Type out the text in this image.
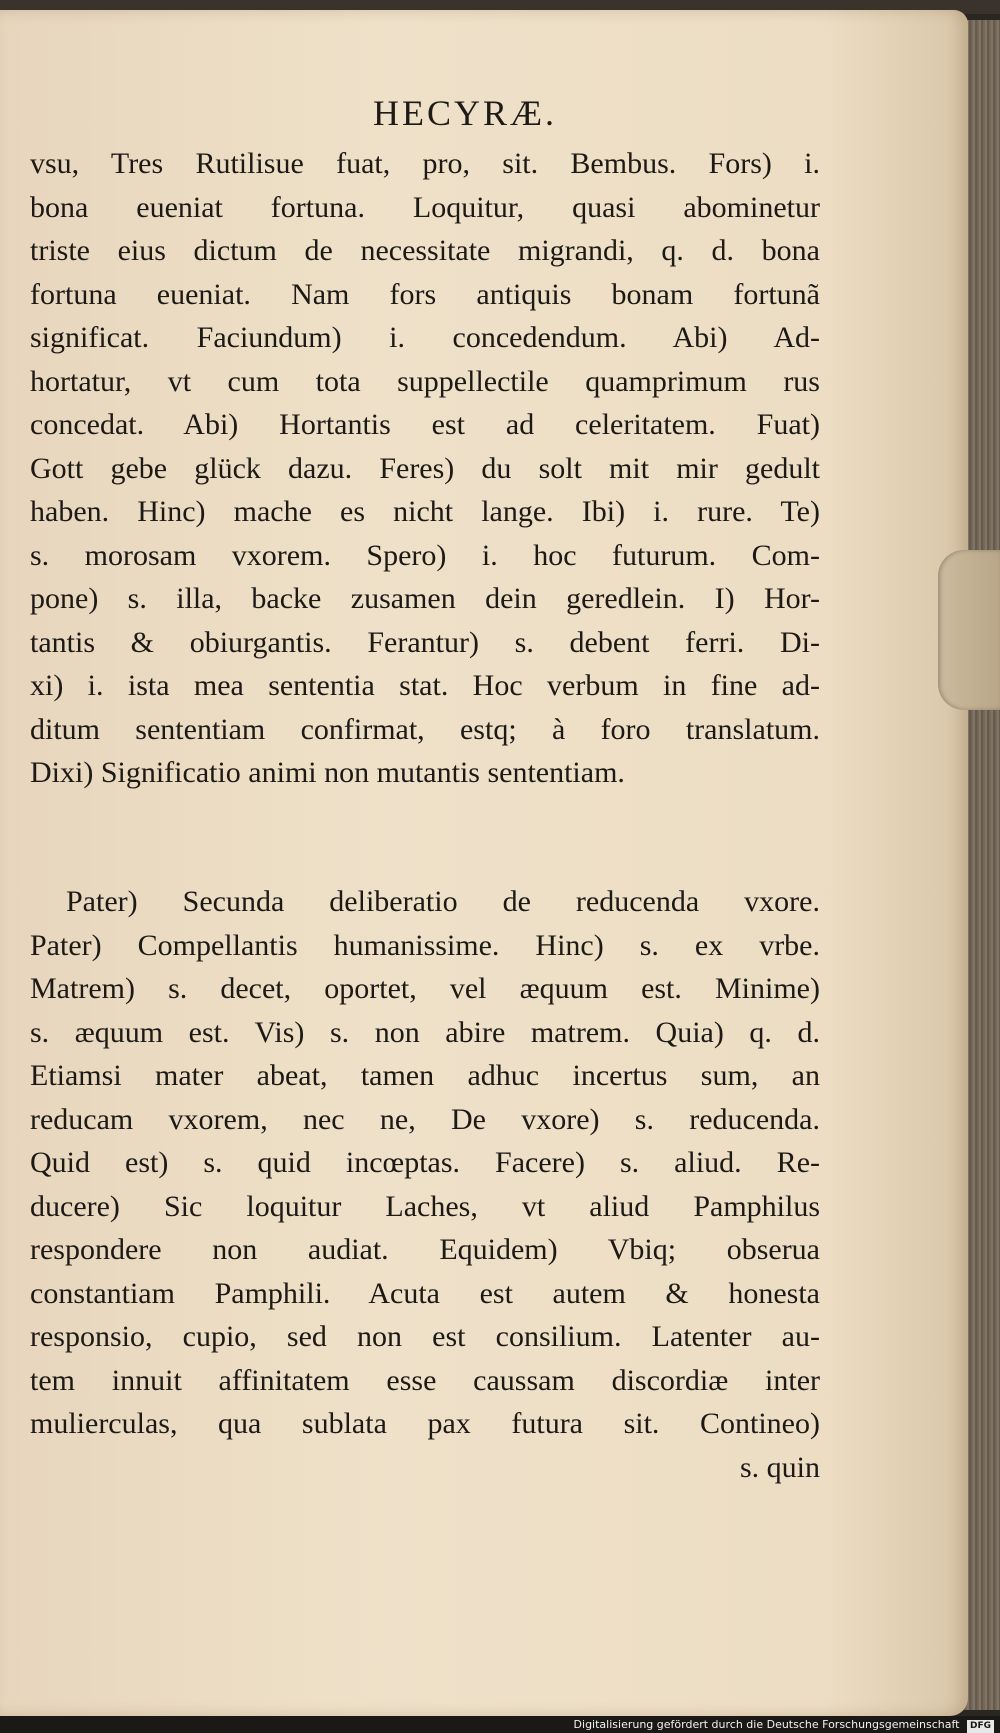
HECYRÆ.
vsu, Tres Rutilisue fuat, pro, sit. Bembus. Fors) i.
bona eueniat fortuna. Loquitur, quasi abominetur
triste eius dictum de necessitate migrandi, q. d. bona
fortuna eueniat. Nam fors antiquis bonam fortunã
significat. Faciundum) i. concedendum. Abi) Ad-
hortatur, vt cum tota suppellectile quamprimum rus
concedat. Abi) Hortantis est ad celeritatem. Fuat)
Gott gebe glück dazu. Feres) du solt mit mir gedult
haben. Hinc) mache es nicht lange. Ibi) i. rure. Te)
s. morosam vxorem. Spero) i. hoc futurum. Com-
pone) s. illa, backe zusamen dein geredlein. I) Hor-
tantis & obiurgantis. Ferantur) s. debent ferri. Di-
xi) i. ista mea sententia stat. Hoc verbum in fine ad-
ditum sententiam confirmat, estq; à foro translatum.
Dixi) Significatio animi non mutantis sententiam.
Pater) Secunda deliberatio de reducenda vxore.
Pater) Compellantis humanissime. Hinc) s. ex vrbe.
Matrem) s. decet, oportet, vel æquum est. Minime)
s. æquum est. Vis) s. non abire matrem. Quia) q. d.
Etiamsi mater abeat, tamen adhuc incertus sum, an
reducam vxorem, nec ne, De vxore) s. reducenda.
Quid est) s. quid incœptas. Facere) s. aliud. Re-
ducere) Sic loquitur Laches, vt aliud Pamphilus
respondere non audiat. Equidem) Vbiq; obserua
constantiam Pamphili. Acuta est autem & honesta
responsio, cupio, sed non est consilium. Latenter au-
tem innuit affinitatem esse caussam discordiæ inter
mulierculas, qua sublata pax futura sit. Contineo)
s. quin
Digitalisierung gefördert durch die Deutsche Forschungsgemeinschaft DFG
